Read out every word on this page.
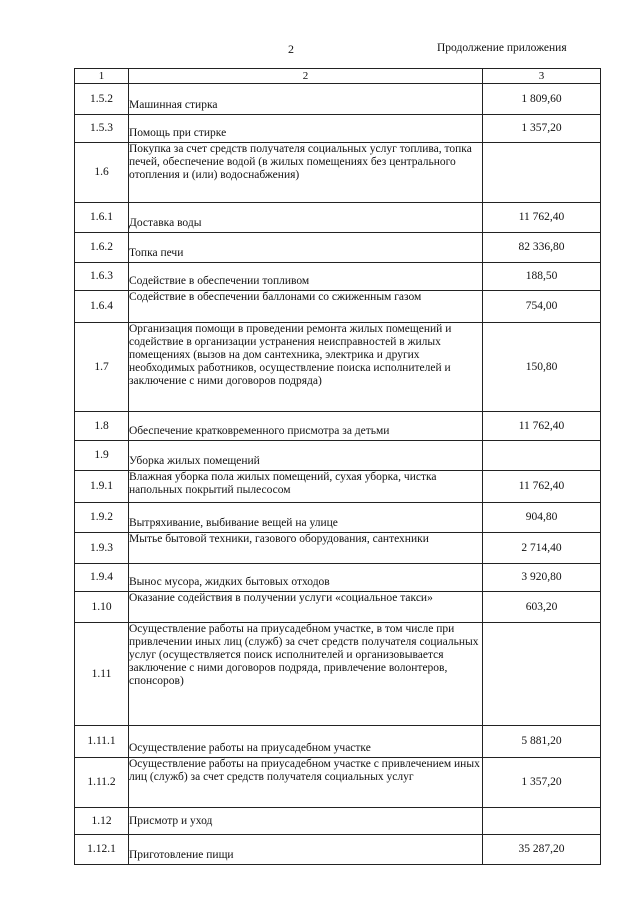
2	Продолжение приложения
1	2	3
1.5.2	Машинная стирка	1 809,60
1.5.3	Помощь при стирке	1 357,20
1.6	Покупка за счет средств получателя социальных услуг топлива, топка печей, обеспечение водой (в жилых помещениях без центрального отопления и (или) водоснабжения)	
1.6.1	Доставка воды	11 762,40
1.6.2	Топка печи	82 336,80
1.6.3	Содействие в обеспечении топливом	188,50
1.6.4	Содействие в обеспечении баллонами со сжиженным газом	754,00
1.7	Организация помощи в проведении ремонта жилых помещений и содействие в организации устранения неисправностей в жилых помещениях (вызов на дом сантехника, электрика и других необходимых работников, осуществление поиска исполнителей и заключение с ними договоров подряда)	150,80
1.8	Обеспечение кратковременного присмотра за детьми	11 762,40
1.9	Уборка жилых помещений	
1.9.1	Влажная уборка пола жилых помещений, сухая уборка, чистка напольных покрытий пылесосом	11 762,40
1.9.2	Вытряхивание, выбивание вещей на улице	904,80
1.9.3	Мытье бытовой техники, газового оборудования, сантехники	2 714,40
1.9.4	Вынос мусора, жидких бытовых отходов	3 920,80
1.10	Оказание содействия в получении услуги «социальное такси»	603,20
1.11	Осуществление работы на приусадебном участке, в том числе при привлечении иных лиц (служб) за счет средств получателя социальных услуг (осуществляется поиск исполнителей и организовывается заключение с ними договоров подряда, привлечение волонтеров, спонсоров)	
1.11.1	Осуществление работы на приусадебном участке	5 881,20
1.11.2	Осуществление работы на приусадебном участке с привлечением иных лиц (служб) за счет средств получателя социальных услуг	1 357,20
1.12	Присмотр и уход	
1.12.1	Приготовление пищи	35 287,20
